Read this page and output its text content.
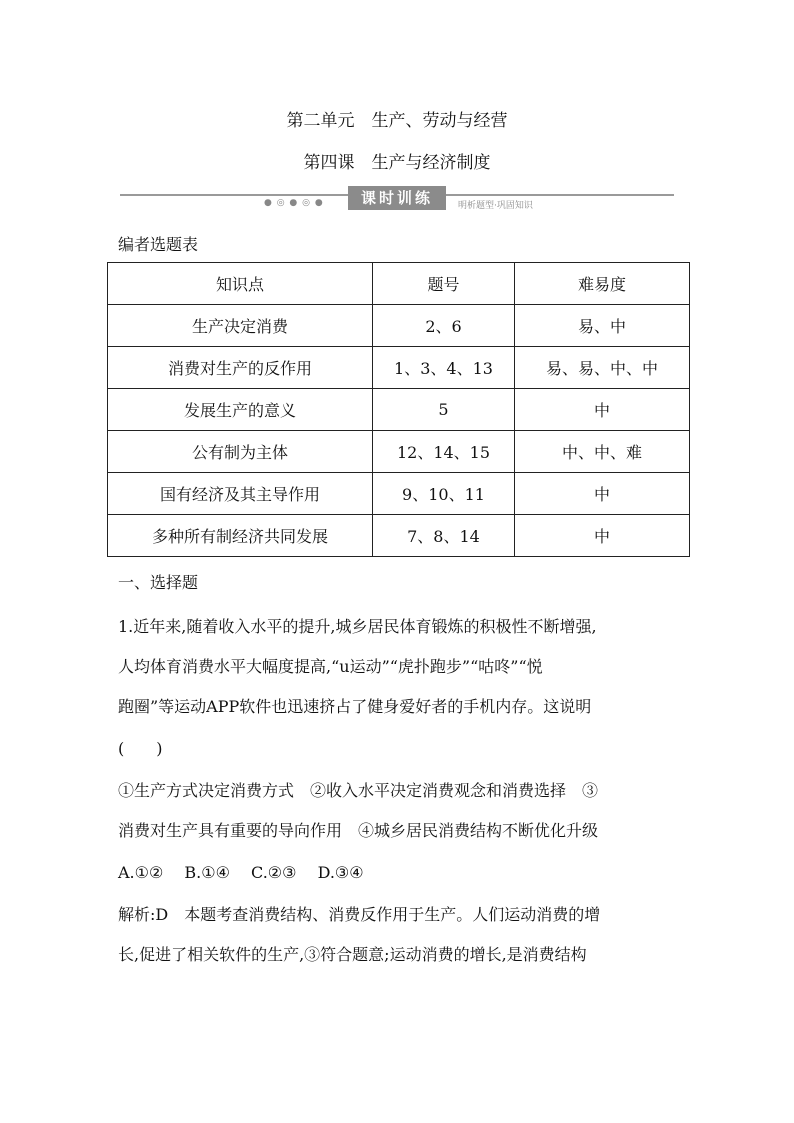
第二单元　生产、劳动与经营
第四课　生产与经济制度
● ◎ ● ◎ ●	课时训练	明析题型·巩固知识
编者选题表
知识点	题号	难易度
生产决定消费	2、6	易、中
消费对生产的反作用	1、3、4、13	易、易、中、中
发展生产的意义	5	中
公有制为主体	12、14、15	中、中、难
国有经济及其主导作用	9、10、11	中
多种所有制经济共同发展	7、8、14	中
一、选择题
1.近年来,随着收入水平的提升,城乡居民体育锻炼的积极性不断增强,
人均体育消费水平大幅度提高,“u运动”“虎扑跑步”“咕咚”“悦
跑圈”等运动APP软件也迅速挤占了健身爱好者的手机内存。这说明
(　　)
①生产方式决定消费方式　②收入水平决定消费观念和消费选择　③
消费对生产具有重要的导向作用　④城乡居民消费结构不断优化升级
A.①②　 B.①④　 C.②③　 D.③④
解析:D　本题考查消费结构、消费反作用于生产。人们运动消费的增
长,促进了相关软件的生产,③符合题意;运动消费的增长,是消费结构
